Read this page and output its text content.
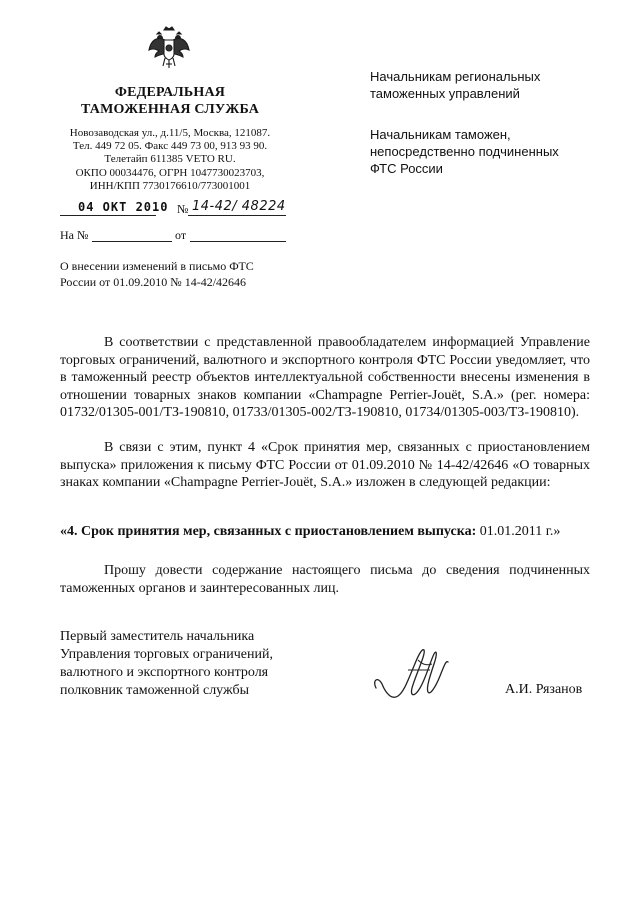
ФЕДЕРАЛЬНАЯ
ТАМОЖЕННАЯ СЛУЖБА
Новозаводская ул., д.11/5, Москва, 121087.
Тел. 449 72 05. Факс 449 73 00, 913 93 90.
Телетайп 611385 VETO RU.
ОКПО 00034476, ОГРН 1047730023703,
ИНН/КПП 7730176610/773001001
04 ОКТ 2010 № 14-42/ 48224
На №	от
О внесении изменений в письмо ФТС
России от 01.09.2010 № 14-42/42646
Начальникам региональных
таможенных управлений
Начальникам таможен,
непосредственно подчиненных
ФТС России
В соответствии с представленной правообладателем информацией Управление торговых ограничений, валютного и экспортного контроля ФТС России уведомляет, что в таможенный реестр объектов интеллектуальной собственности внесены изменения в отношении товарных знаков компании «Champagne Perrier-Jouët, S.A.» (рег. номера: 01732/01305-001/ТЗ-190810, 01733/01305-002/ТЗ-190810, 01734/01305-003/ТЗ-190810).
В связи с этим, пункт 4 «Срок принятия мер, связанных с приостановлением выпуска» приложения к письму ФТС России от 01.09.2010 № 14-42/42646 «О товарных знаках компании «Champagne Perrier-Jouët, S.A.» изложен в следующей редакции:
«4. Срок принятия мер, связанных с приостановлением выпуска: 01.01.2011 г.»
Прошу довести содержание настоящего письма до сведения подчиненных таможенных органов и заинтересованных лиц.
Первый заместитель начальника
Управления торговых ограничений,
валютного и экспортного контроля
полковник таможенной службы	А.И. Рязанов
